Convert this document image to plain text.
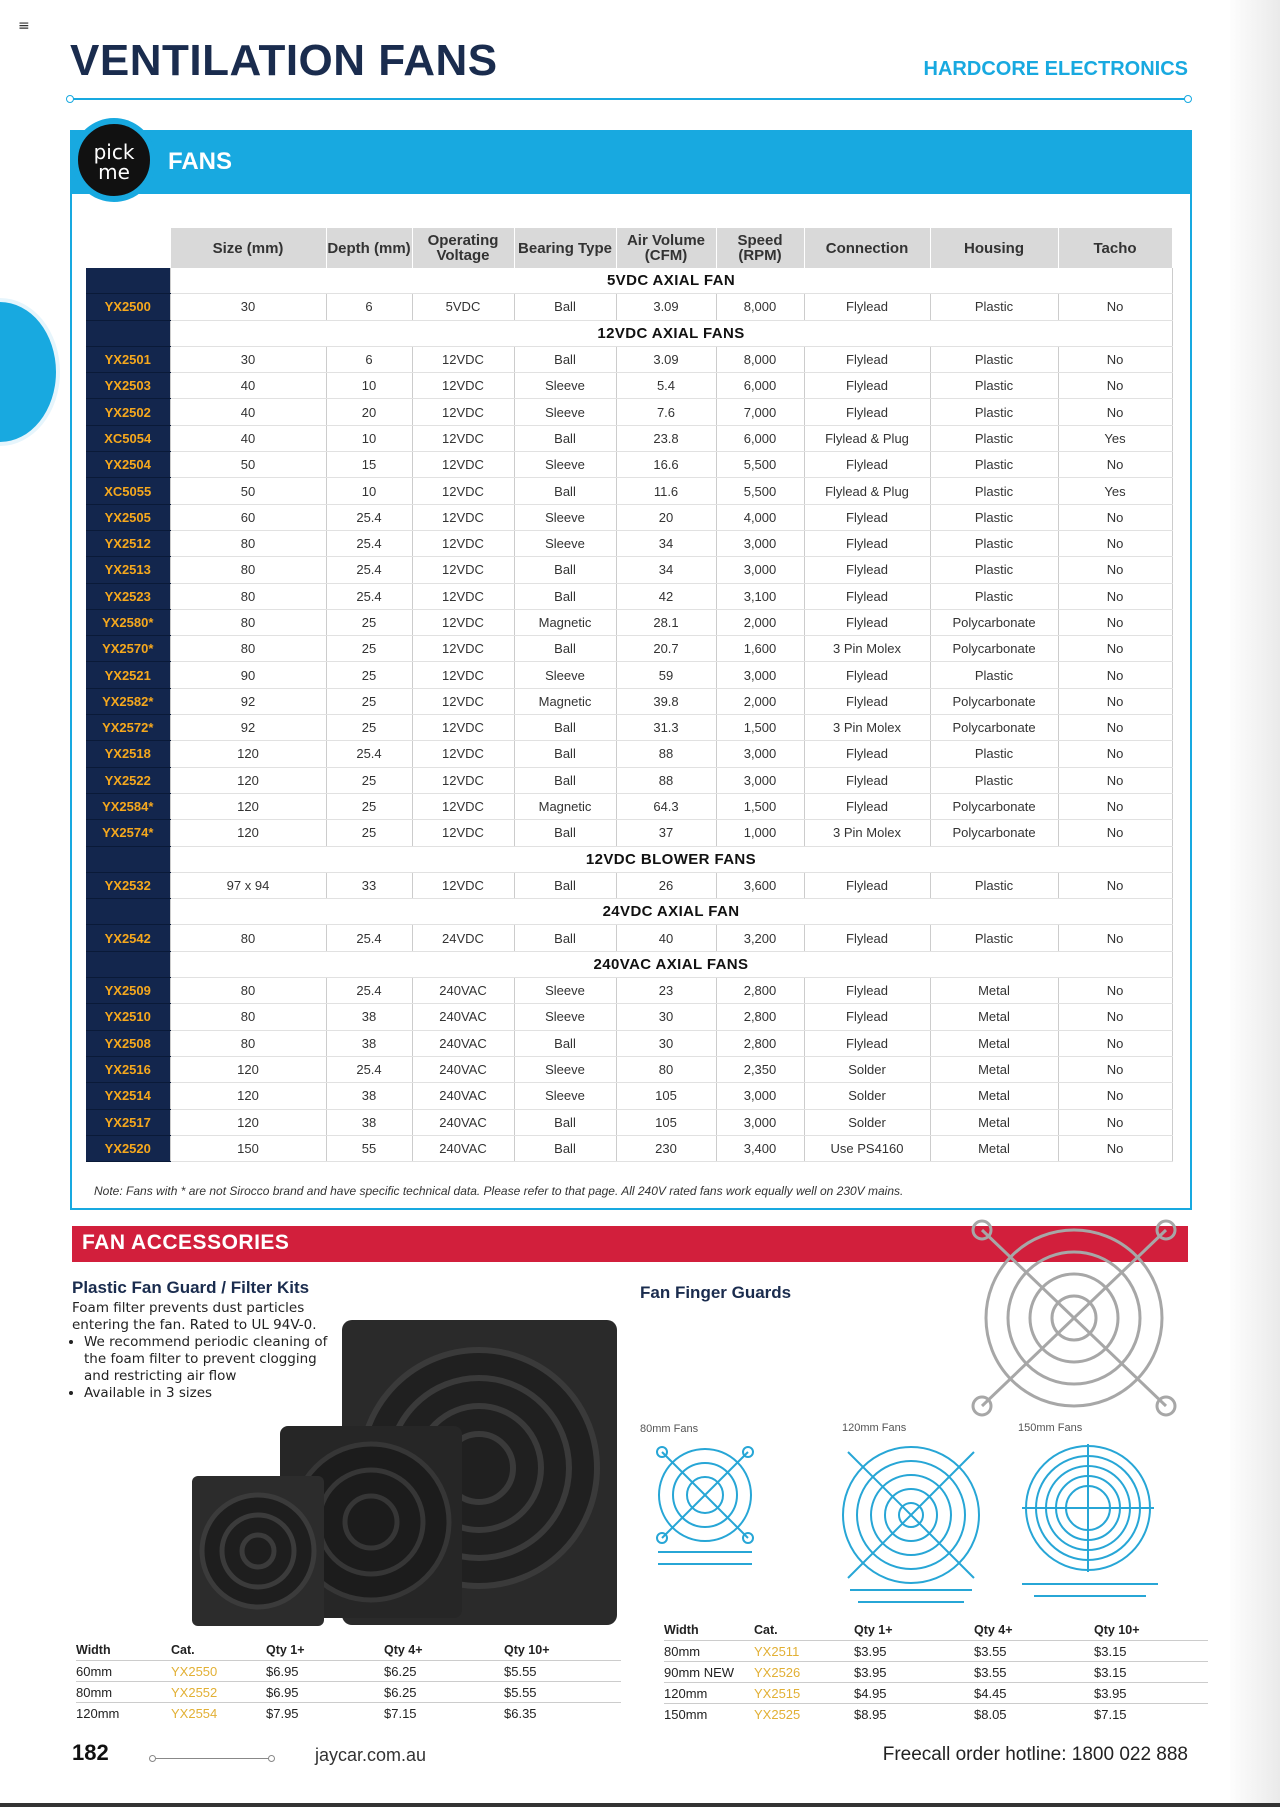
≡
VENTILATION FANS	HARDCORE ELECTRONICS
FANS
pick
me
	Size (mm)	Depth (mm)	Operating Voltage	Bearing Type	Air Volume (CFM)	Speed (RPM)	Connection	Housing	Tacho
	5VDC AXIAL FAN								
YX2500	30	6	5VDC	Ball	3.09	8,000	Flylead	Plastic	No
	12VDC AXIAL FANS								
YX2501	30	6	12VDC	Ball	3.09	8,000	Flylead	Plastic	No
YX2503	40	10	12VDC	Sleeve	5.4	6,000	Flylead	Plastic	No
YX2502	40	20	12VDC	Sleeve	7.6	7,000	Flylead	Plastic	No
XC5054	40	10	12VDC	Ball	23.8	6,000	Flylead & Plug	Plastic	Yes
YX2504	50	15	12VDC	Sleeve	16.6	5,500	Flylead	Plastic	No
XC5055	50	10	12VDC	Ball	11.6	5,500	Flylead & Plug	Plastic	Yes
YX2505	60	25.4	12VDC	Sleeve	20	4,000	Flylead	Plastic	No
YX2512	80	25.4	12VDC	Sleeve	34	3,000	Flylead	Plastic	No
YX2513	80	25.4	12VDC	Ball	34	3,000	Flylead	Plastic	No
YX2523	80	25.4	12VDC	Ball	42	3,100	Flylead	Plastic	No
YX2580*	80	25	12VDC	Magnetic	28.1	2,000	Flylead	Polycarbonate	No
YX2570*	80	25	12VDC	Ball	20.7	1,600	3 Pin Molex	Polycarbonate	No
YX2521	90	25	12VDC	Sleeve	59	3,000	Flylead	Plastic	No
YX2582*	92	25	12VDC	Magnetic	39.8	2,000	Flylead	Polycarbonate	No
YX2572*	92	25	12VDC	Ball	31.3	1,500	3 Pin Molex	Polycarbonate	No
YX2518	120	25.4	12VDC	Ball	88	3,000	Flylead	Plastic	No
YX2522	120	25	12VDC	Ball	88	3,000	Flylead	Plastic	No
YX2584*	120	25	12VDC	Magnetic	64.3	1,500	Flylead	Polycarbonate	No
YX2574*	120	25	12VDC	Ball	37	1,000	3 Pin Molex	Polycarbonate	No
	12VDC BLOWER FANS								
YX2532	97 x 94	33	12VDC	Ball	26	3,600	Flylead	Plastic	No
	24VDC AXIAL FAN								
YX2542	80	25.4	24VDC	Ball	40	3,200	Flylead	Plastic	No
	240VAC AXIAL FANS								
YX2509	80	25.4	240VAC	Sleeve	23	2,800	Flylead	Metal	No
YX2510	80	38	240VAC	Sleeve	30	2,800	Flylead	Metal	No
YX2508	80	38	240VAC	Ball	30	2,800	Flylead	Metal	No
YX2516	120	25.4	240VAC	Sleeve	80	2,350	Solder	Metal	No
YX2514	120	38	240VAC	Sleeve	105	3,000	Solder	Metal	No
YX2517	120	38	240VAC	Ball	105	3,000	Solder	Metal	No
YX2520	150	55	240VAC	Ball	230	3,400	Use PS4160	Metal	No
Note: Fans with * are not Sirocco brand and have specific technical data. Please refer to that page. All 240V rated fans work equally well on 230V mains.
FAN ACCESSORIES
Plastic Fan Guard / Filter Kits
Foam filter prevents dust particles entering the fan. Rated to UL 94V-0.
• We recommend periodic cleaning of the foam filter to prevent clogging and restricting air flow
• Available in 3 sizes
Fan Finger Guards
80mm Fans	120mm Fans	150mm Fans
Width	Cat.	Qty 1+	Qty 4+	Qty 10+
60mm	YX2550	$6.95	$6.25	$5.55
80mm	YX2552	$6.95	$6.25	$5.55
120mm	YX2554	$7.95	$7.15	$6.35
Width	Cat.	Qty 1+	Qty 4+	Qty 10+
80mm	YX2511	$3.95	$3.55	$3.15
90mm NEW	YX2526	$3.95	$3.55	$3.15
120mm	YX2515	$4.95	$4.45	$3.95
150mm	YX2525	$8.95	$8.05	$7.15
182	jaycar.com.au	Freecall order hotline: 1800 022 888
